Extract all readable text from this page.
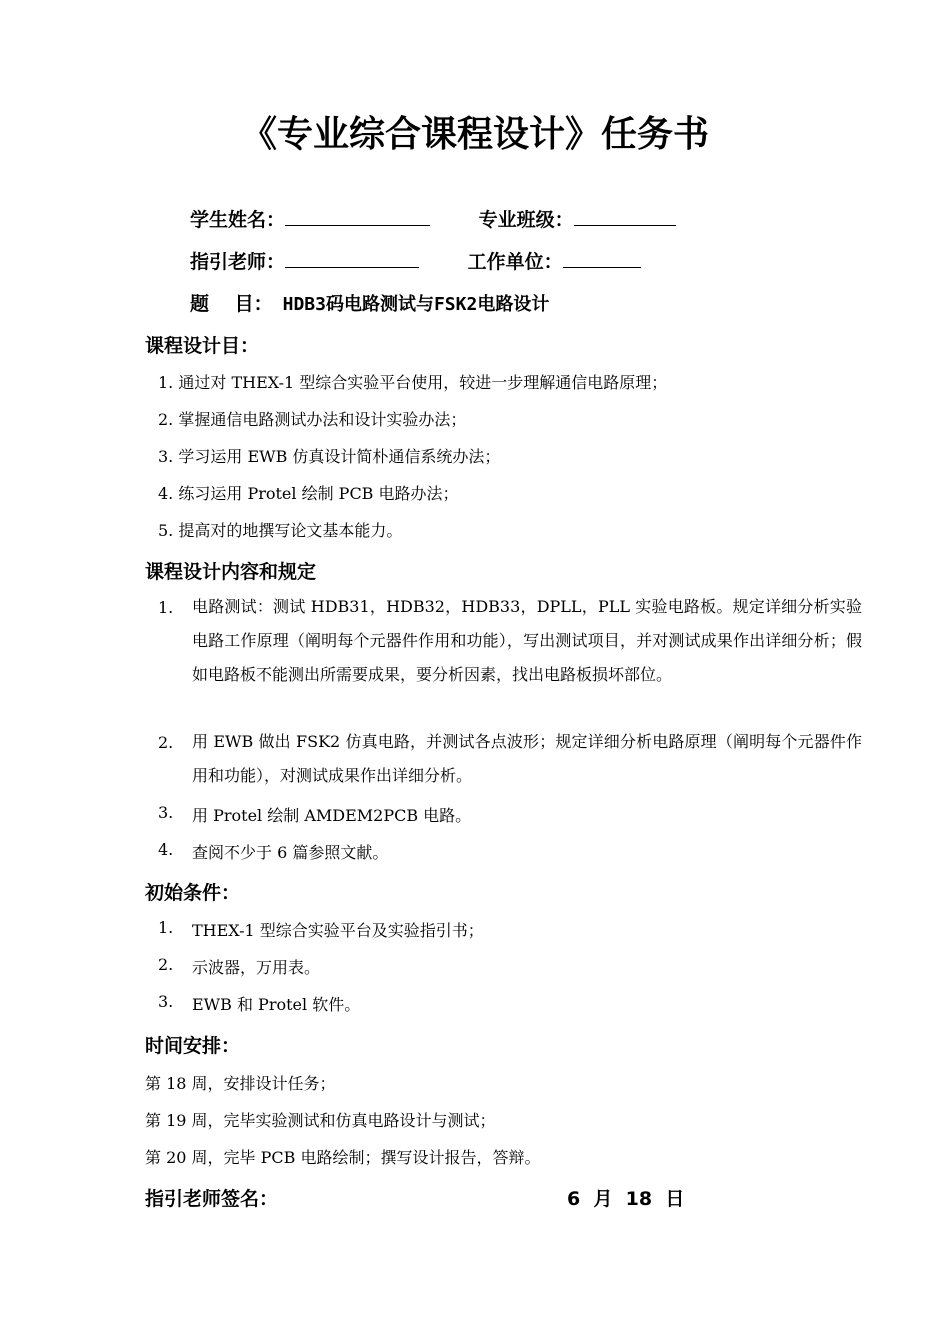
《专业综合课程设计》任务书
学生姓名：	专业班级：
指引老师：	工作单位：
题　 目： HDB3码电路测试与FSK2电路设计
课程设计目：
1. 通过对 THEX-1 型综合实验平台使用，较进一步理解通信电路原理；
2. 掌握通信电路测试办法和设计实验办法；
3. 学习运用 EWB 仿真设计简朴通信系统办法；
4. 练习运用 Protel 绘制 PCB 电路办法；
5. 提高对的地撰写论文基本能力。
课程设计内容和规定
1. 电路测试：测试 HDB31，HDB32，HDB33，DPLL，PLL 实验电路板。规定详细分析实验电路工作原理（阐明每个元器件作用和功能），写出测试项目，并对测试成果作出详细分析；假如电路板不能测出所需要成果，要分析因素，找出电路板损坏部位。
2. 用 EWB 做出 FSK2 仿真电路，并测试各点波形；规定详细分析电路原理（阐明每个元器件作用和功能），对测试成果作出详细分析。
3. 用 Protel 绘制 AMDEM2PCB 电路。
4. 查阅不少于 6 篇参照文献。
初始条件：
1. THEX-1 型综合实验平台及实验指引书；
2. 示波器，万用表。
3. EWB 和 Protel 软件。
时间安排：
第 18 周，安排设计任务；
第 19 周，完毕实验测试和仿真电路设计与测试；
第 20 周，完毕 PCB 电路绘制；撰写设计报告，答辩。
指引老师签名：	6  月  18  日
